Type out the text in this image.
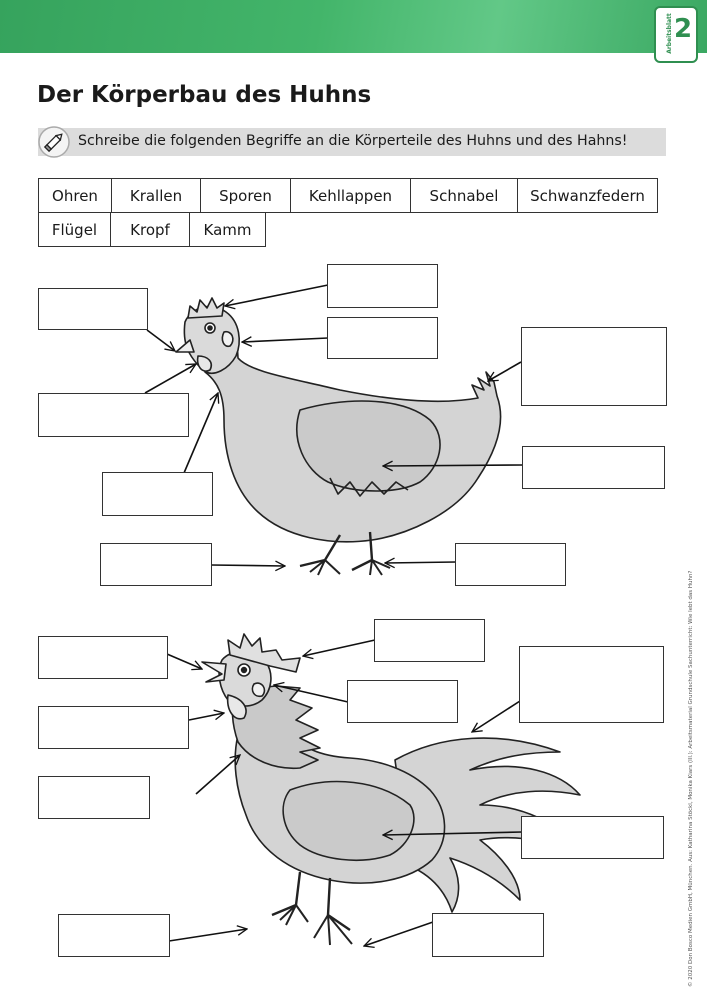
Arbeitsblatt 2
Der Körperbau des Huhns
Schreibe die folgenden Begriffe an die Körperteile des Huhns und des Hahns!
Ohren	Krallen	Sporen	Kehllappen	Schnabel	Schwanzfedern
Flügel	Kropf	Kamm
© 2020 Don Bosco Medien GmbH, München. Aus: Katharina Stöckl, Monika Kiars (Ill.): Arbeitsmaterial Grundschule Sachunterricht: Wie lebt das Huhn?
